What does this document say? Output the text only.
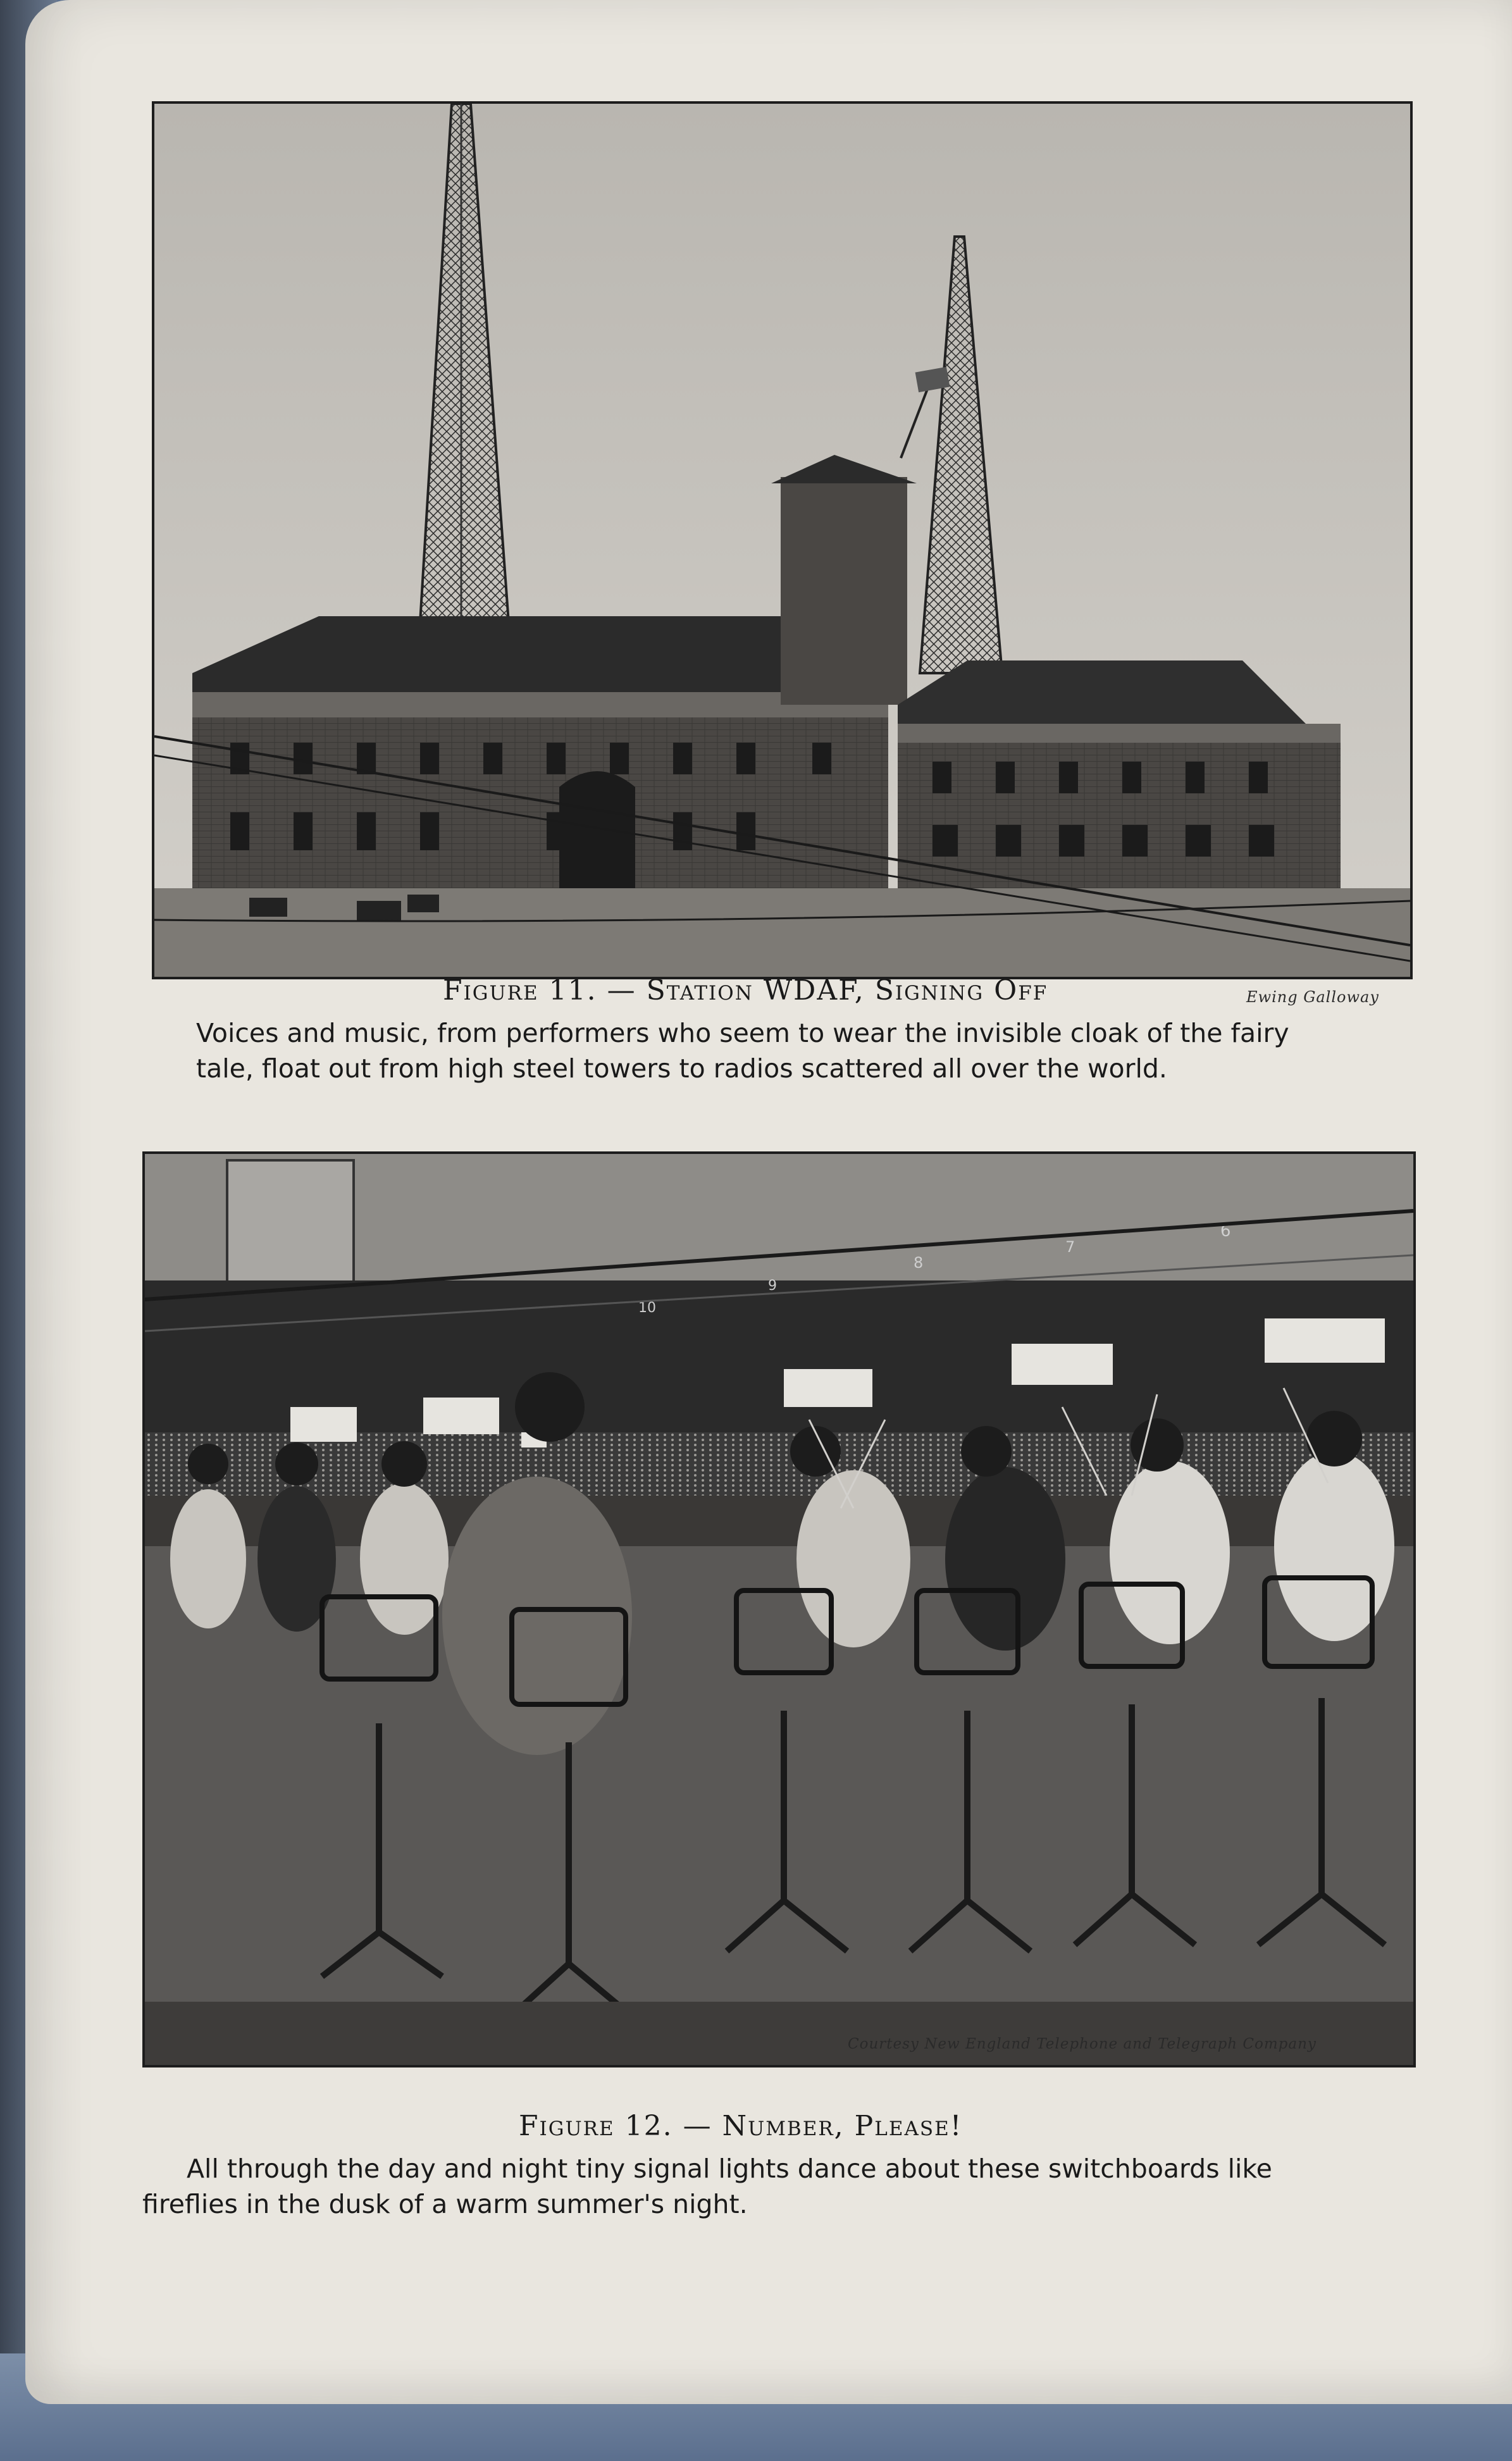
Ewing Galloway
Figure 11. — Station WDAF, Signing Off

Voices and music, from performers who seem to wear the invisible cloak of the fairy
tale, float out from high steel towers to radios scattered all over the world.

10
9
8
7
6
Courtesy New England Telephone and Telegraph Company
Figure 12. — Number, Please!

All through the day and night tiny signal lights dance about these switchboards like
fireflies in the dusk of a warm summer's night.
